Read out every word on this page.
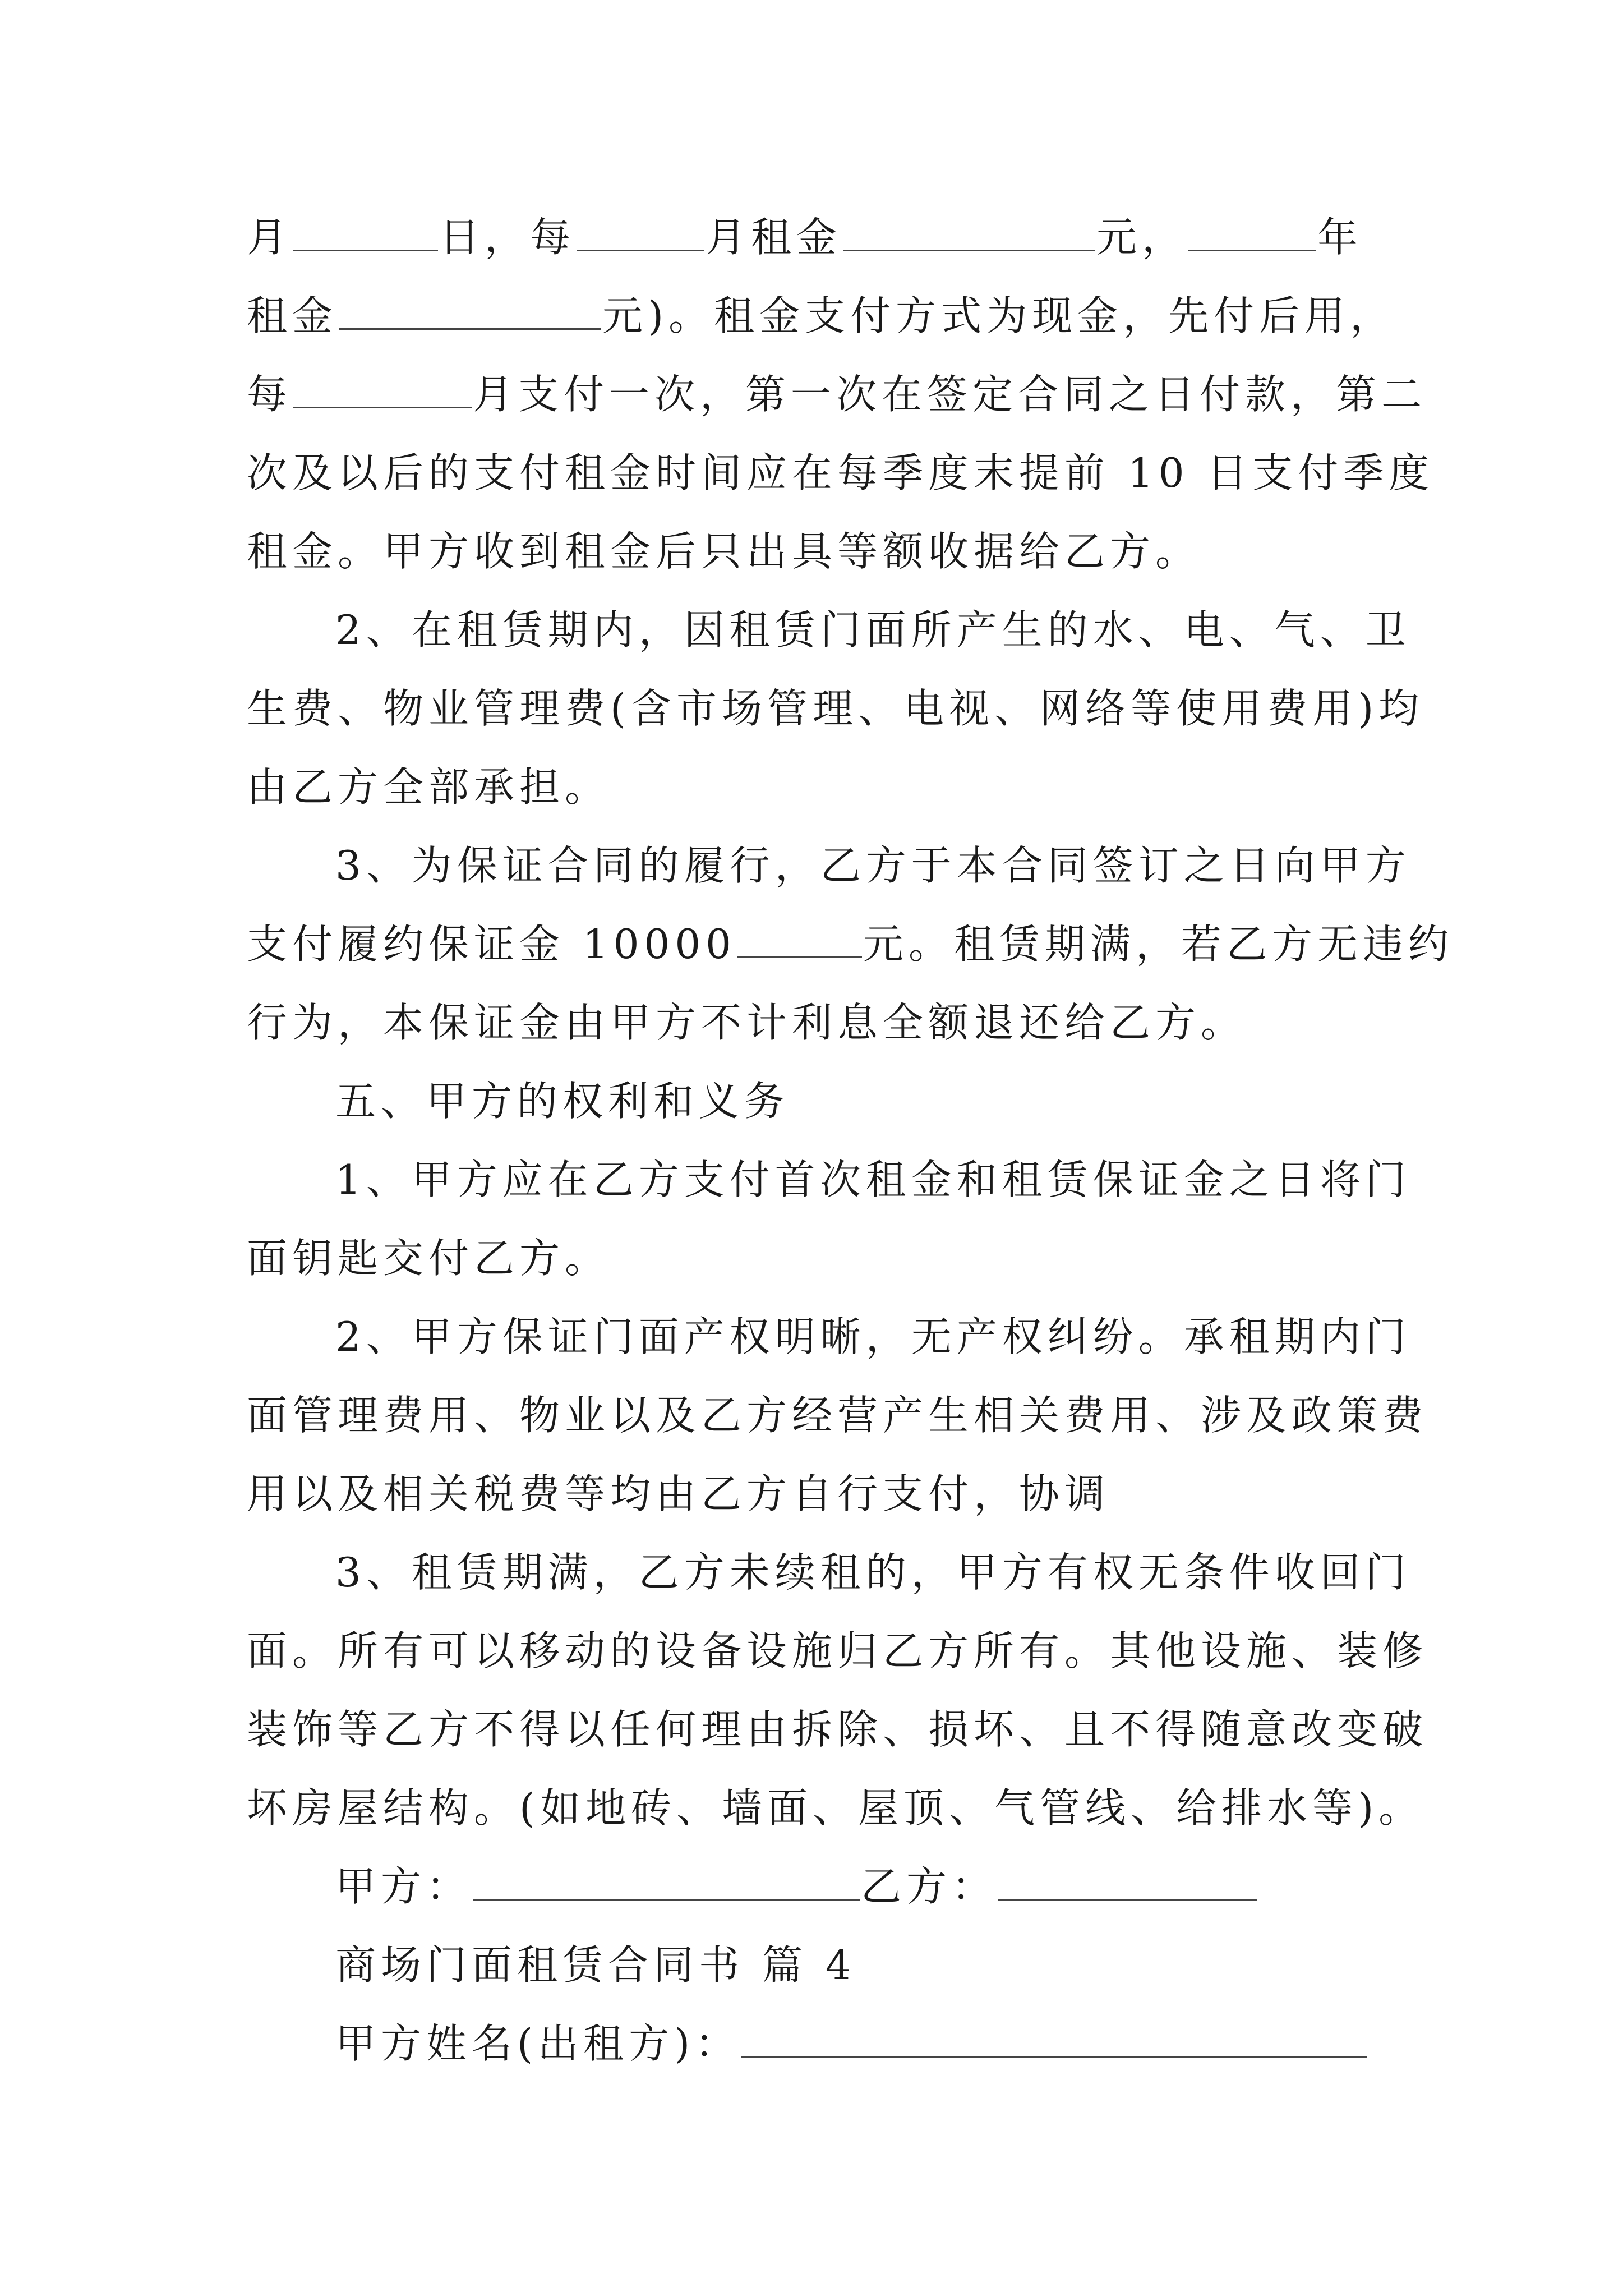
月	日，每	月租金	元，	年
租金	元)。租金支付方式为现金，先付后用，
每	月支付一次，第一次在签定合同之日付款，第二
次及以后的支付租金时间应在每季度末提前 10 日支付季度
租金。甲方收到租金后只出具等额收据给乙方。
2、在租赁期内，因租赁门面所产生的水、电、气、卫
生费、物业管理费(含市场管理、电视、网络等使用费用)均
由乙方全部承担。
3、为保证合同的履行，乙方于本合同签订之日向甲方
支付履约保证金 10000	元。租赁期满，若乙方无违约
行为，本保证金由甲方不计利息全额退还给乙方。
五、甲方的权利和义务
1、甲方应在乙方支付首次租金和租赁保证金之日将门
面钥匙交付乙方。
2、甲方保证门面产权明晰，无产权纠纷。承租期内门
面管理费用、物业以及乙方经营产生相关费用、涉及政策费
用以及相关税费等均由乙方自行支付，协调
3、租赁期满，乙方未续租的，甲方有权无条件收回门
面。所有可以移动的设备设施归乙方所有。其他设施、装修
装饰等乙方不得以任何理由拆除、损坏、且不得随意改变破
坏房屋结构。(如地砖、墙面、屋顶、气管线、给排水等)。
甲方：	乙方：
商场门面租赁合同书 篇 4
甲方姓名(出租方)：
